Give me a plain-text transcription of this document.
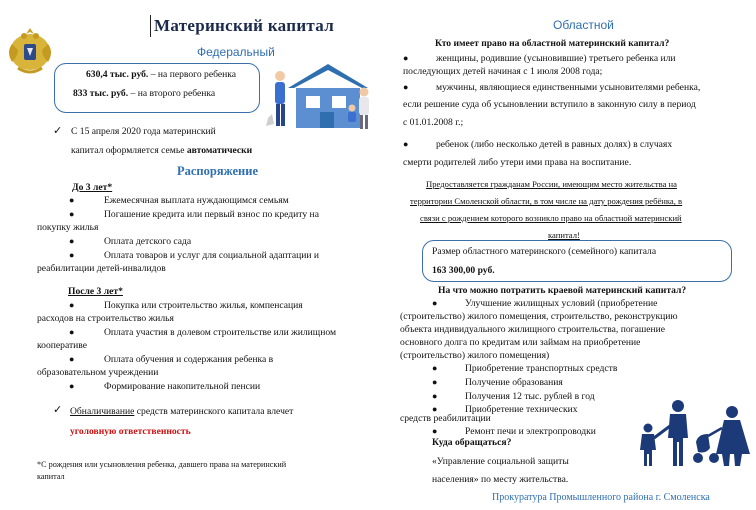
Материнский капитал
Федеральный
630,4 тыс. руб. – на первого ребенка
833 тыс. руб. – на второго ребенка
✓ С 15 апреля 2020 года материнский
капитал оформляется семье автоматически
Распоряжение
До 3 лет*
●	Ежемесячная выплата нуждающимся семьям
●	Погашение кредита или первый взнос по кредиту на
покупку жилья
●	Оплата детского сада
●	Оплата товаров и услуг для социальной адаптации и
реабилитации детей-инвалидов
После 3 лет*
●	Покупка или строительство жилья, компенсация
расходов на строительство жилья
●	Оплата участия в долевом строительстве или жилищном
кооперативе
●	Оплата обучения и содержания ребенка в
образовательном учреждении
●	Формирование накопительной пенсии
✓ Обналичивание средств материнского капитала влечет
уголовную ответственность
*С рождения или усыновления ребенка, давшего права на материнский
капитал
Областной
Кто имеет право на областной материнский капитал?
●	женщины, родившие (усыновившие) третьего ребенка или
последующих детей начиная с 1 июля 2008 года;
●	мужчины, являющиеся единственными усыновителями ребенка,
если решение суда об усыновлении вступило в законную силу в период
с 01.01.2008 г.;
●	ребенок (либо несколько детей в равных долях) в случаях
смерти родителей либо утери ими права на воспитание.
Предоставляется гражданам России, имеющим место жительства на
территории Смоленской области, в том числе на дату рождения ребёнка, в
связи с рождением которого возникло право на областной материнский
капитал!
Размер областного материнского (семейного) капитала
163 300,00 руб.
На что можно потратить краевой материнский капитал?
●	Улучшение жилищных условий (приобретение
(строительство) жилого помещения, строительство, реконструкцию
объекта индивидуального жилищного строительства, погашение
основного долга по кредитам или займам на приобретение
(строительство) жилого помещения)
●	Приобретение транспортных средств
●	Получение образования
●	Получения 12 тыс. рублей в год
●	Приобретение технических
средств реабилитации
●	Ремонт печи и электропроводки
Куда обращаться?
«Управление социальной защиты
населения» по месту жительства.
Прокуратура Промышленного района г. Смоленска
